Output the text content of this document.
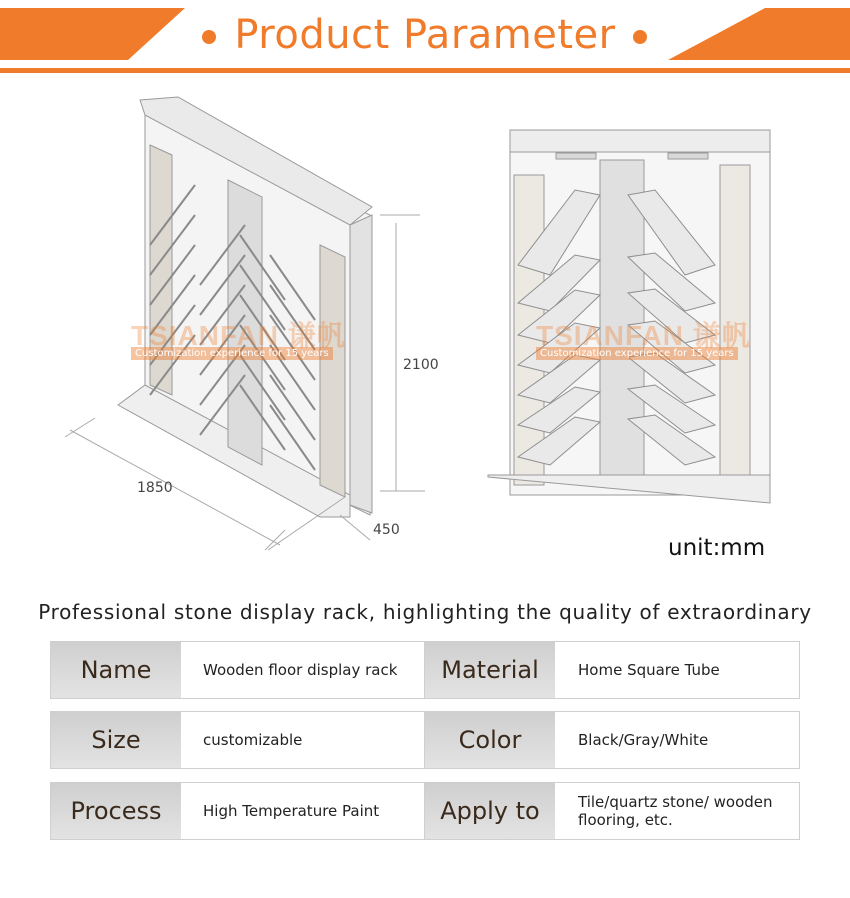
Product Parameter
2100
1850
450
TSIANFAN 谦帆
Customization experience for 15 years
TSIANFAN 谦帆
Customization experience for 15 years
unit:mm
Professional stone display rack, highlighting the quality of extraordinary
Name	Wooden floor display rack	Material	Home Square Tube
Size	customizable	Color	Black/Gray/White
Process	High Temperature Paint	Apply to	Tile/quartz stone/ wooden flooring, etc.
